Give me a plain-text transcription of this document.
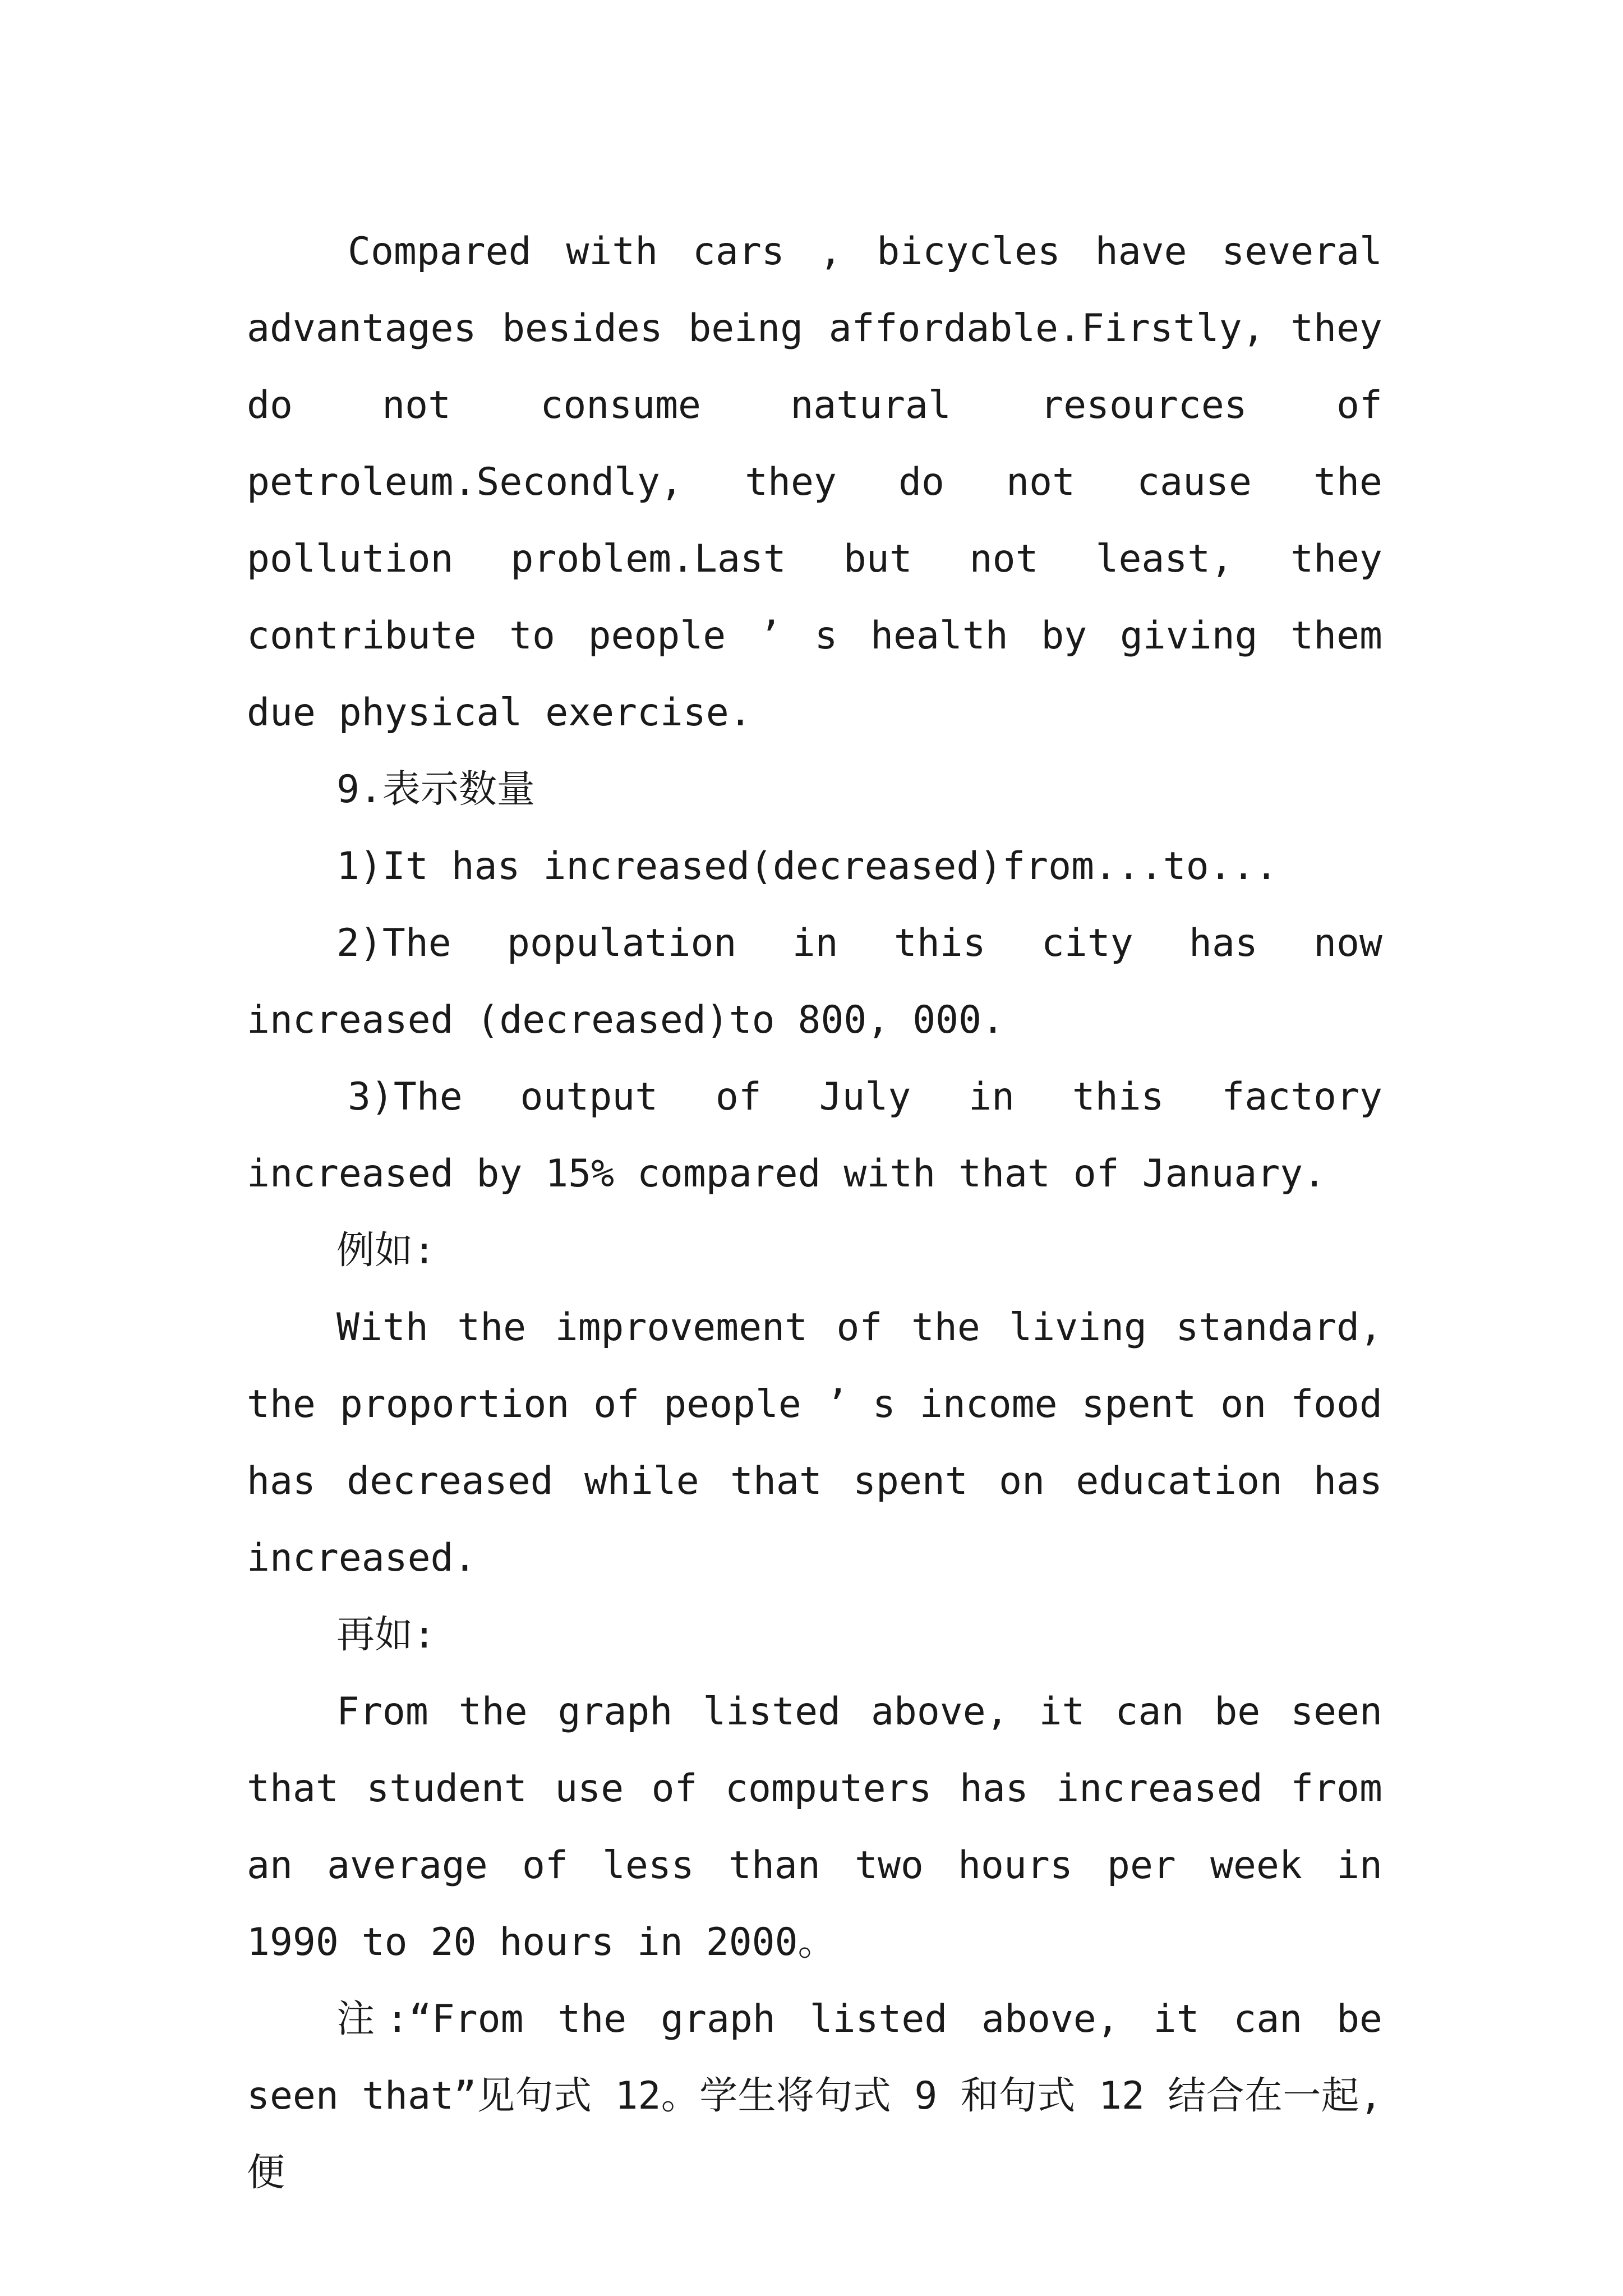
Compared with cars , bicycles have several advantages besides being affordable.Firstly, they do not consume natural resources of petroleum.Secondly, they do not cause the pollution problem.Last but not least, they contribute to people ’ s health by giving them due physical exercise.

9.表示数量

1)It has increased(decreased)from...to...

2)The population in this city has now increased (decreased)to 800, 000.

3)The output of July in this factory increased by 15% compared with that of January.

例如:

With the improvement of the living standard, the proportion of people ’ s income spent on food has decreased while that spent on education has increased.

再如:

From the graph listed above, it can be seen that student use of computers has increased from an average of less than two hours per week in 1990 to 20 hours in 2000。

注:“From the graph listed above, it can be seen that”见句式 12。学生将句式 9 和句式 12 结合在一起,便
